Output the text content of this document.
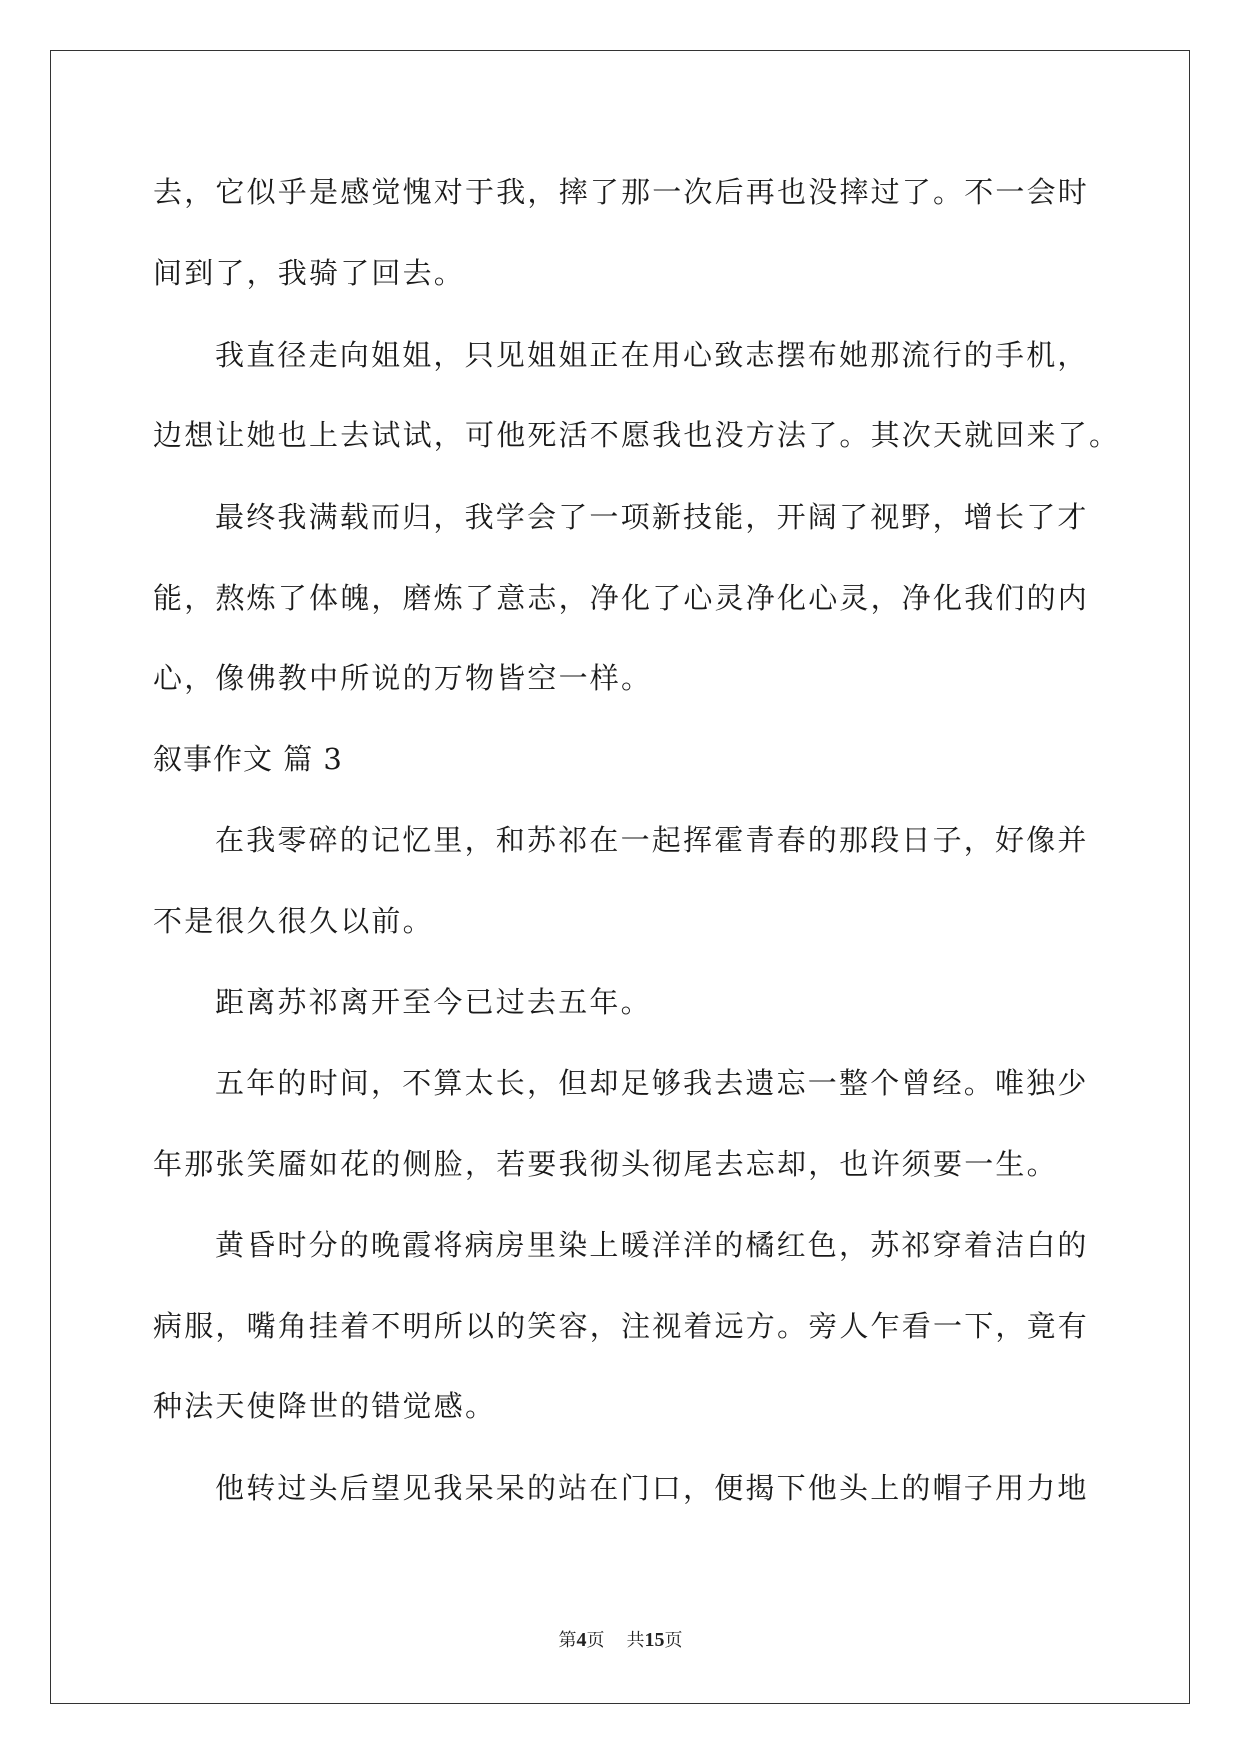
去，它似乎是感觉愧对于我，摔了那一次后再也没摔过了。不一会时
间到了，我骑了回去。
我直径走向姐姐，只见姐姐正在用心致志摆布她那流行的手机，
边想让她也上去试试，可他死活不愿我也没方法了。其次天就回来了。
最终我满载而归，我学会了一项新技能，开阔了视野，增长了才
能，熬炼了体魄，磨炼了意志，净化了心灵净化心灵，净化我们的内
心，像佛教中所说的万物皆空一样。
叙事作文 篇 3
在我零碎的记忆里，和苏祁在一起挥霍青春的那段日子，好像并
不是很久很久以前。
距离苏祁离开至今已过去五年。
五年的时间，不算太长，但却足够我去遗忘一整个曾经。唯独少
年那张笑靥如花的侧脸，若要我彻头彻尾去忘却，也许须要一生。
黄昏时分的晚霞将病房里染上暖洋洋的橘红色，苏祁穿着洁白的
病服，嘴角挂着不明所以的笑容，注视着远方。旁人乍看一下，竟有
种法天使降世的错觉感。
他转过头后望见我呆呆的站在门口，便揭下他头上的帽子用力地
第4页 共15页
